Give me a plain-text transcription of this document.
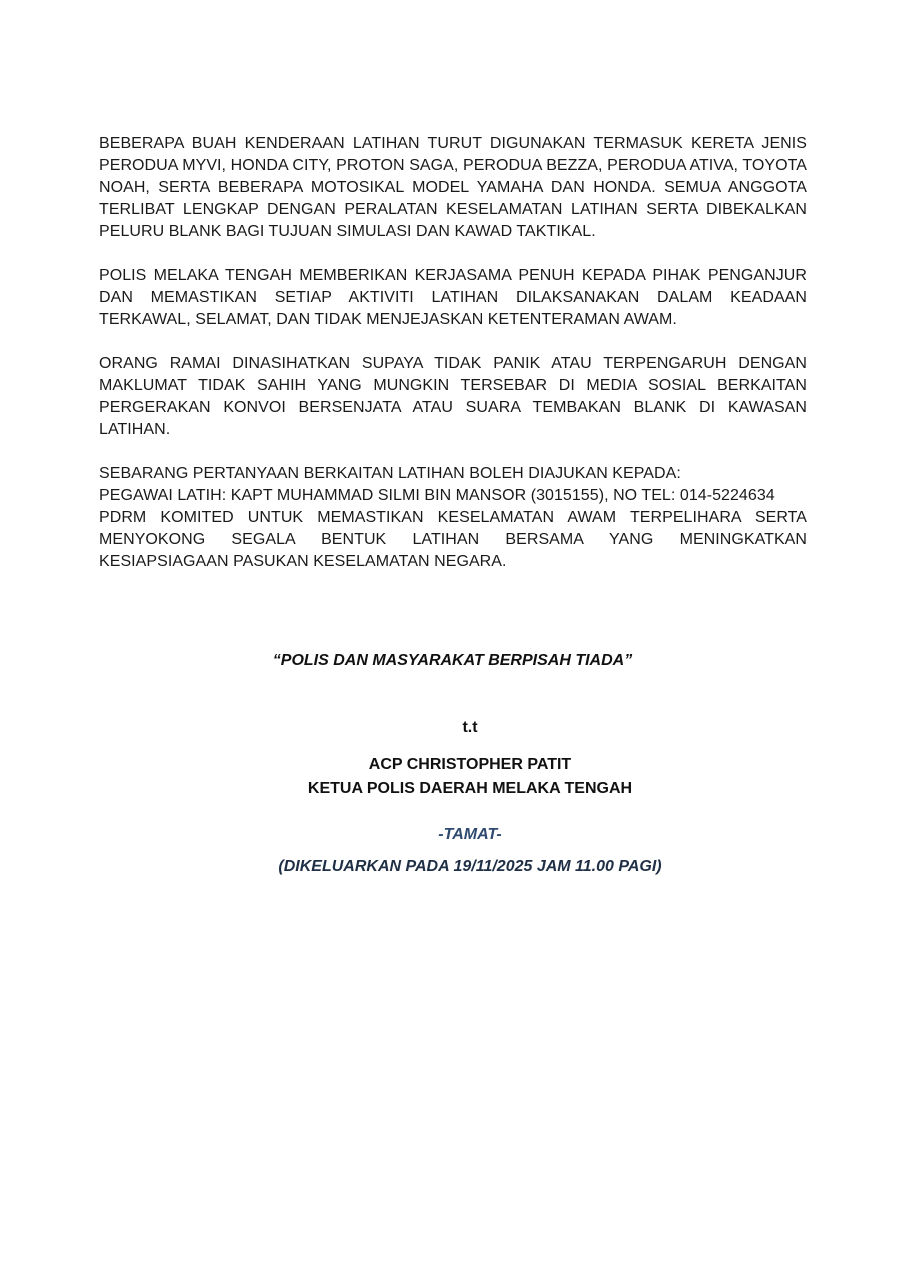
BEBERAPA BUAH KENDERAAN LATIHAN TURUT DIGUNAKAN TERMASUK KERETA JENIS PERODUA MYVI, HONDA CITY, PROTON SAGA, PERODUA BEZZA, PERODUA ATIVA, TOYOTA NOAH, SERTA BEBERAPA MOTOSIKAL MODEL YAMAHA DAN HONDA. SEMUA ANGGOTA TERLIBAT LENGKAP DENGAN PERALATAN KESELAMATAN LATIHAN SERTA DIBEKALKAN PELURU BLANK BAGI TUJUAN SIMULASI DAN KAWAD TAKTIKAL.

POLIS MELAKA TENGAH MEMBERIKAN KERJASAMA PENUH KEPADA PIHAK PENGANJUR DAN MEMASTIKAN SETIAP AKTIVITI LATIHAN DILAKSANAKAN DALAM KEADAAN TERKAWAL, SELAMAT, DAN TIDAK MENJEJASKAN KETENTERAMAN AWAM.

ORANG RAMAI DINASIHATKAN SUPAYA TIDAK PANIK ATAU TERPENGARUH DENGAN MAKLUMAT TIDAK SAHIH YANG MUNGKIN TERSEBAR DI MEDIA SOSIAL BERKAITAN PERGERAKAN KONVOI BERSENJATA ATAU SUARA TEMBAKAN BLANK DI KAWASAN LATIHAN.

SEBARANG PERTANYAAN BERKAITAN LATIHAN BOLEH DIAJUKAN KEPADA:

PEGAWAI LATIH: KAPT MUHAMMAD SILMI BIN MANSOR (3015155), NO TEL: 014-5224634

PDRM KOMITED UNTUK MEMASTIKAN KESELAMATAN AWAM TERPELIHARA SERTA MENYOKONG SEGALA BENTUK LATIHAN BERSAMA YANG MENINGKATKAN KESIAPSIAGAAN PASUKAN KESELAMATAN NEGARA.

“POLIS DAN MASYARAKAT BERPISAH TIADA”
t.t
ACP CHRISTOPHER PATIT
KETUA POLIS DAERAH MELAKA TENGAH
-TAMAT-
(DIKELUARKAN PADA 19/11/2025 JAM 11.00 PAGI)
